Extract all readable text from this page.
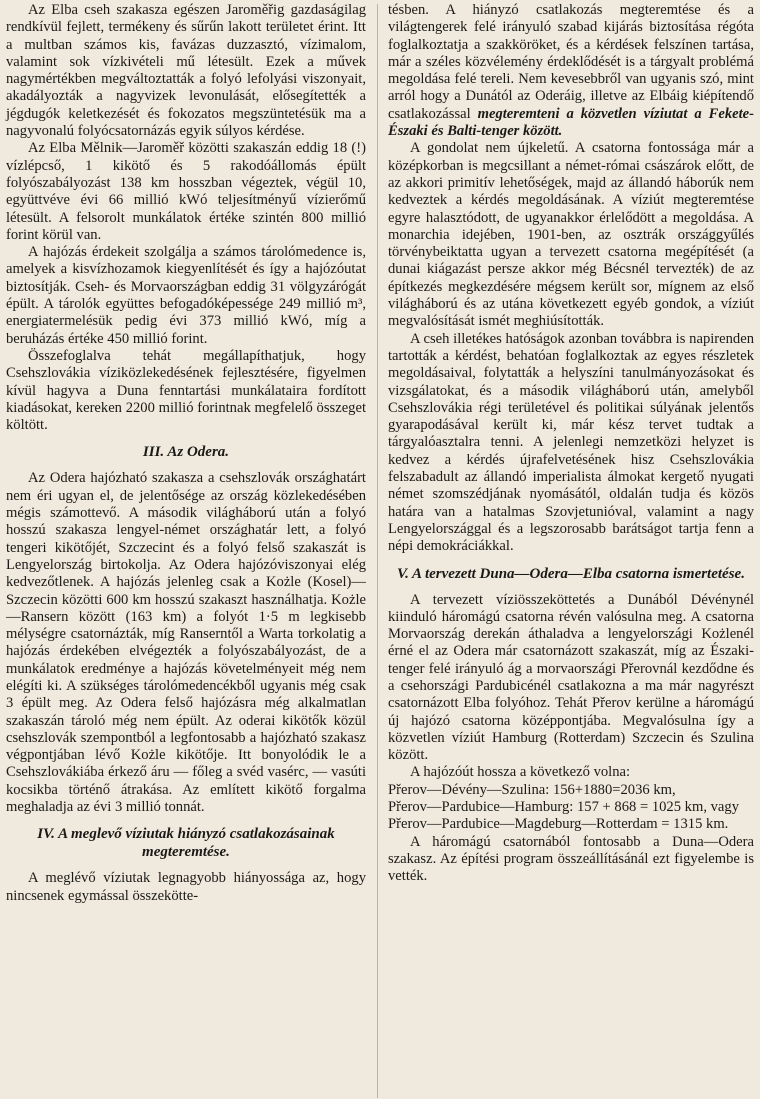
Az Elba cseh szakasza egészen Jaroměřig gazdaságilag rendkívül fejlett, termékeny és sűrűn lakott területet érint. Itt a multban számos kis, favázas duzzasztó, vízimalom, valamint sok vízkivételi mű létesült. Ezek a művek nagymértékben megváltoztatták a folyó lefolyási viszonyait, akadályozták a nagyvizek levonulását, elősegítették a jégdugók keletkezését és fokozatos megszüntetésük ma a nagyvonalú folyócsatornázás egyik súlyos kérdése.

Az Elba Mělnik—Jaroměř közötti szakaszán eddig 18 (!) vízlépcső, 1 kikötő és 5 rakodóállomás épült folyószabályozást 138 km hosszban végeztek, végül 10, együttvéve évi 66 millió kWó teljesítményű vízierőmű létesült. A felsorolt munkálatok értéke szintén 800 millió forint körül van.

A hajózás érdekeit szolgálja a számos tárolómedence is, amelyek a kisvízhozamok kiegyenlítését és így a hajózóutat biztosítják. Cseh- és Morvaországban eddig 31 völgyzárógát épült. A tárolók együttes befogadóképessége 249 millió m³, energiatermelésük pedig évi 373 millió kWó, míg a beruházás értéke 450 millió forint.

Összefoglalva tehát megállapíthatjuk, hogy Csehszlovákia víziközlekedésének fejlesztésére, figyelmen kívül hagyva a Duna fenntartási munkálataira fordított kiadásokat, kereken 2200 millió forintnak megfelelő összeget költött.

III. Az Odera.

Az Odera hajózható szakasza a csehszlovák országhatárt nem éri ugyan el, de jelentősége az ország közlekedésében mégis számottevő. A második világháború után a folyó hosszú szakasza lengyel-német országhatár lett, a folyó tengeri kikötőjét, Szczecint és a folyó felső szakaszát is Lengyelország birtokolja. Az Odera hajózóviszonyai elég kedvezőtlenek. A hajózás jelenleg csak a Kożle (Kosel)—Szczecin közötti 600 km hosszú szakaszt használhatja. Kożle—Ransern között (163 km) a folyót 1·5 m legkisebb mélységre csatornázták, míg Ranserntől a Warta torkolatig a hajózás érdekében elvégezték a folyószabályozást, de a munkálatok eredménye a hajózás követelményeit még nem elégíti ki. A szükséges tárolómedencékből ugyanis még csak 3 épült meg. Az Odera felső hajózásra még alkalmatlan szakaszán tároló még nem épült. Az oderai kikötők közül csehszlovák szempontból a legfontosabb a hajózható szakasz végpontjában lévő Kożle kikötője. Itt bonyolódik le a Csehszlovákiába érkező áru — főleg a svéd vasérc, — vasúti kocsikba történő átrakása. Az említett kikötő forgalma meghaladja az évi 3 millió tonnát.

IV. A meglevő víziutak hiányzó csatlakozásainak megteremtése.

A meglévő víziutak legnagyobb hiányossága az, hogy nincsenek egymással összekötte-

tésben. A hiányzó csatlakozás megteremtése és a világtengerek felé irányuló szabad kijárás biztosítása régóta foglalkoztatja a szakköröket, és a kérdések felszínen tartása, már a széles közvélemény érdeklődését is a tárgyalt problémá megoldása felé tereli. Nem kevesebbről van ugyanis szó, mint arról hogy a Dunától az Oderáig, illetve az Elbáig kiépítendő csatlakozással megteremteni a közvetlen víziutat a Fekete-Északi és Balti-tenger között.

A gondolat nem újkeletű. A csatorna fontossága már a középkorban is megcsillant a német-római császárok előtt, de az akkori primitív lehetőségek, majd az állandó háborúk nem kedveztek a kérdés megoldásának. A víziút megteremtése egyre halasztódott, de ugyanakkor érlelődött a megoldása. A monarchia idejében, 1901-ben, az osztrák országgyűlés törvénybeiktatta ugyan a tervezett csatorna megépítését (a dunai kiágazást persze akkor még Bécsnél tervezték) de az építkezés megkezdésére mégsem került sor, mígnem az első világháború és az utána következett egyéb gondok, a víziút megvalósítását ismét meghiúsították.

A cseh illetékes hatóságok azonban továbbra is napirenden tartották a kérdést, behatóan foglalkoztak az egyes részletek megoldásaival, folytatták a helyszíni tanulmányozásokat és vizsgálatokat, és a második világháború után, amelyből Csehszlovákia régi területével és politikai súlyának jelentős gyarapodásával került ki, már kész tervet tudtak a tárgyalóasztalra tenni. A jelenlegi nemzetközi helyzet is kedvez a kérdés újrafelvetésének hisz Csehszlovákia felszabadult az állandó imperialista álmokat kergető nyugati német szomszédjának nyomásától, oldalán tudja és közös határa van a hatalmas Szovjetunióval, valamint a nagy Lengyelországgal és a legszorosabb barátságot tartja fenn a népi demokráciákkal.

V. A tervezett Duna—Odera—Elba csatorna ismertetése.

A tervezett víziösszeköttetés a Dunából Dévénynél kiinduló háromágú csatorna révén valósulna meg. A csatorna Morvaország derekán áthaladva a lengyelországi Kożlenél érné el az Odera már csatornázott szakaszát, míg az Északi-tenger felé irányuló ág a morvaországi Přerovnál kezdődne és a csehországi Pardubicénél csatlakozna a ma már nagyrészt csatornázott Elba folyóhoz. Tehát Přerov kerülne a háromágú új hajózó csatorna középpontjába. Megvalósulna így a közvetlen víziút Hamburg (Rotterdam) Szczecin és Szulina között.

A hajózóút hossza a következő volna:

Přerov—Dévény—Szulina: 156+1880=2036 km,

Přerov—Pardubice—Hamburg: 157 + 868 = 1025 km, vagy Přerov—Pardubice—Magdeburg—Rotterdam = 1315 km.

A háromágú csatornából fontosabb a Duna—Odera szakasz. Az építési program összeállításánál ezt figyelembe is vették.
